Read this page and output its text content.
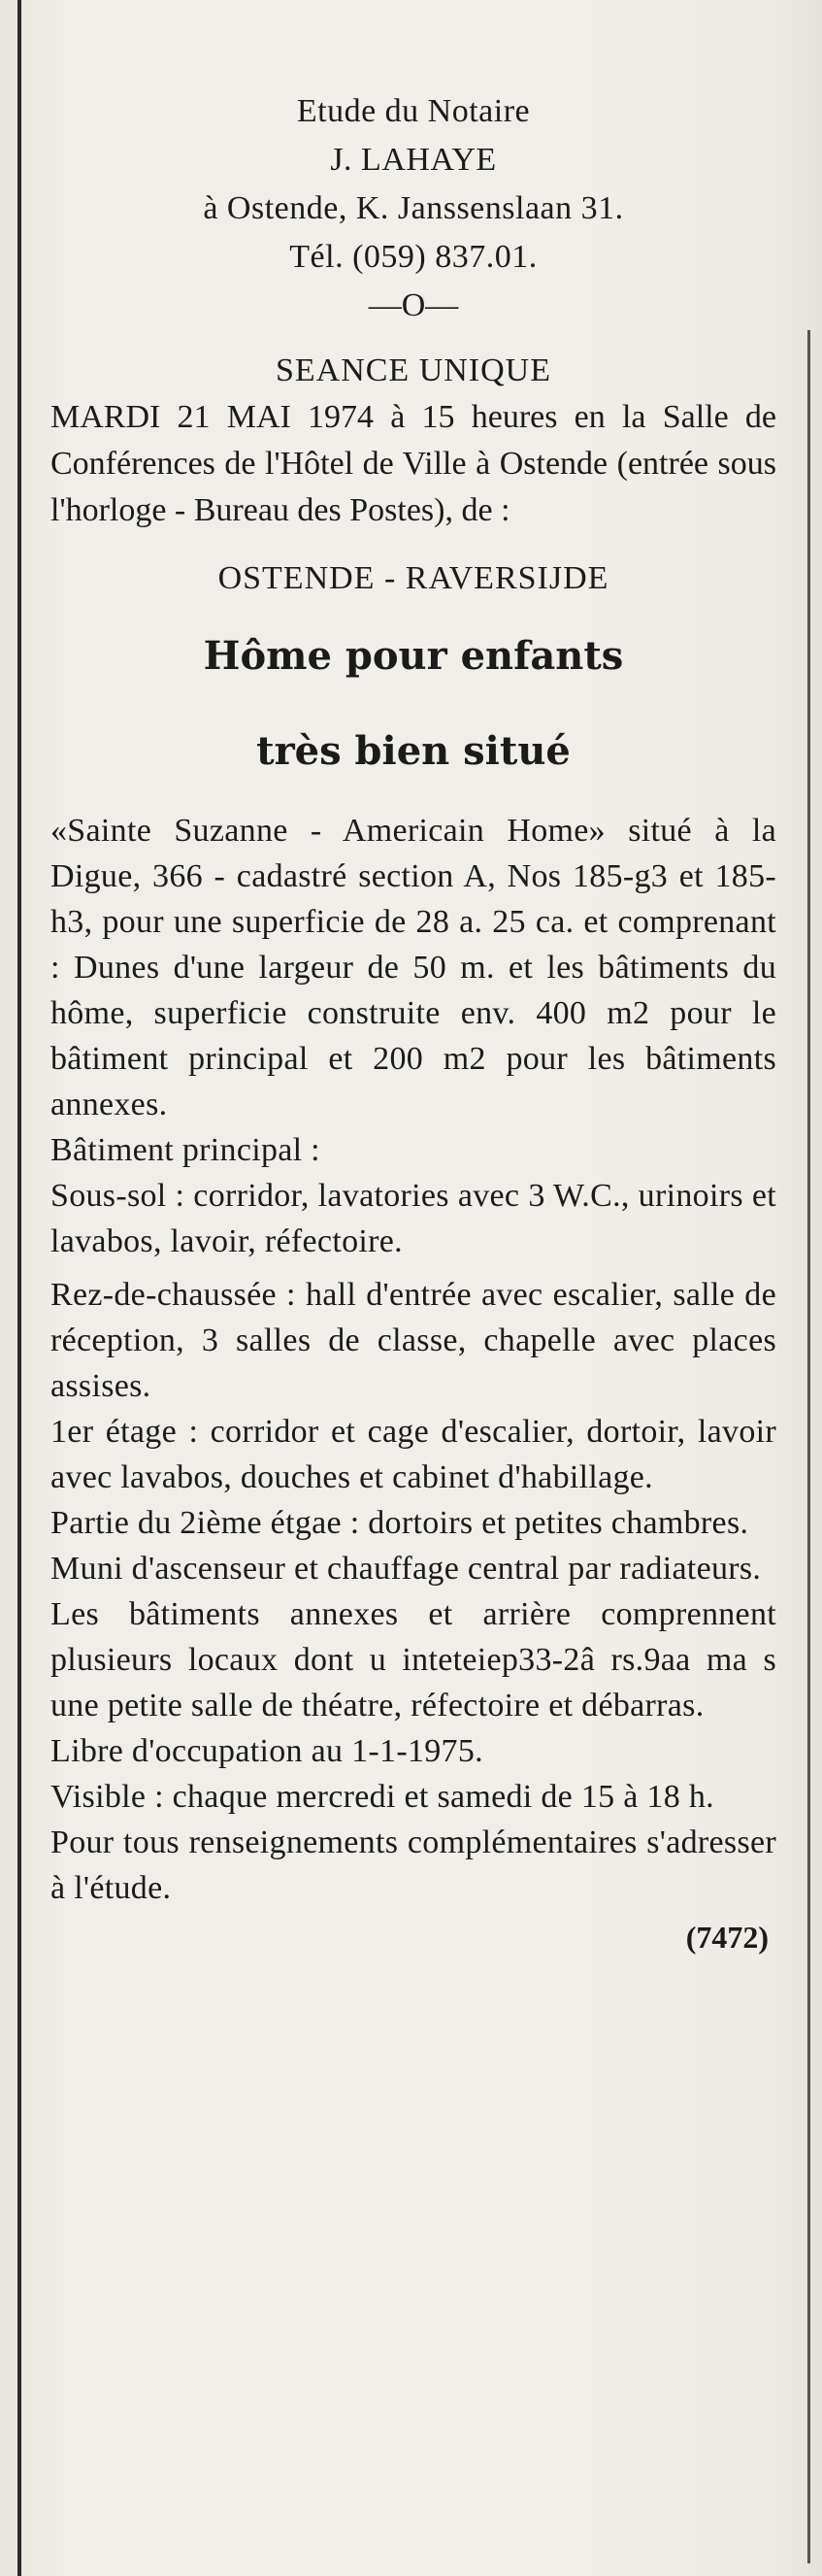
Etude du Notaire
J. LAHAYE
à Ostende, K. Janssenslaan 31.
Tél. (059) 837.01.
—O—
SEANCE UNIQUE
MARDI 21 MAI 1974 à 15 heures en la Salle de Conférences de l'Hôtel de Ville à Ostende (entrée sous l'horloge - Bureau des Postes), de :
OSTENDE - RAVERSIJDE
Hôme pour enfants
très bien situé

«Sainte Suzanne - Americain Home» situé à la Digue, 366 - cadastré section A, Nos 185-g3 et 185-h3, pour une superficie de 28 a. 25 ca. et comprenant : Dunes d'une largeur de 50 m. et les bâtiments du hôme, superficie construite env. 400 m2 pour le bâtiment principal et 200 m2 pour les bâtiments annexes.

Bâtiment principal :

Sous-sol : corridor, lavatories avec 3 W.C., urinoirs et lavabos, lavoir, réfectoire.

Rez-de-chaussée : hall d'entrée avec escalier, salle de réception, 3 salles de classe, chapelle avec places assises.

1er étage : corridor et cage d'escalier, dortoir, lavoir avec lavabos, douches et cabinet d'habillage.

Partie du 2ième étgae : dortoirs et petites chambres.

Muni d'ascenseur et chauffage central par radiateurs.

Les bâtiments annexes et arrière comprennent plusieurs locaux dont u inteteiep33-2â rs.9aa ma s une petite salle de théatre, réfectoire et débarras.

Libre d'occupation au 1-1-1975.

Visible : chaque mercredi et samedi de 15 à 18 h.

Pour tous renseignements complémentaires s'adresser à l'étude.

(7472)
